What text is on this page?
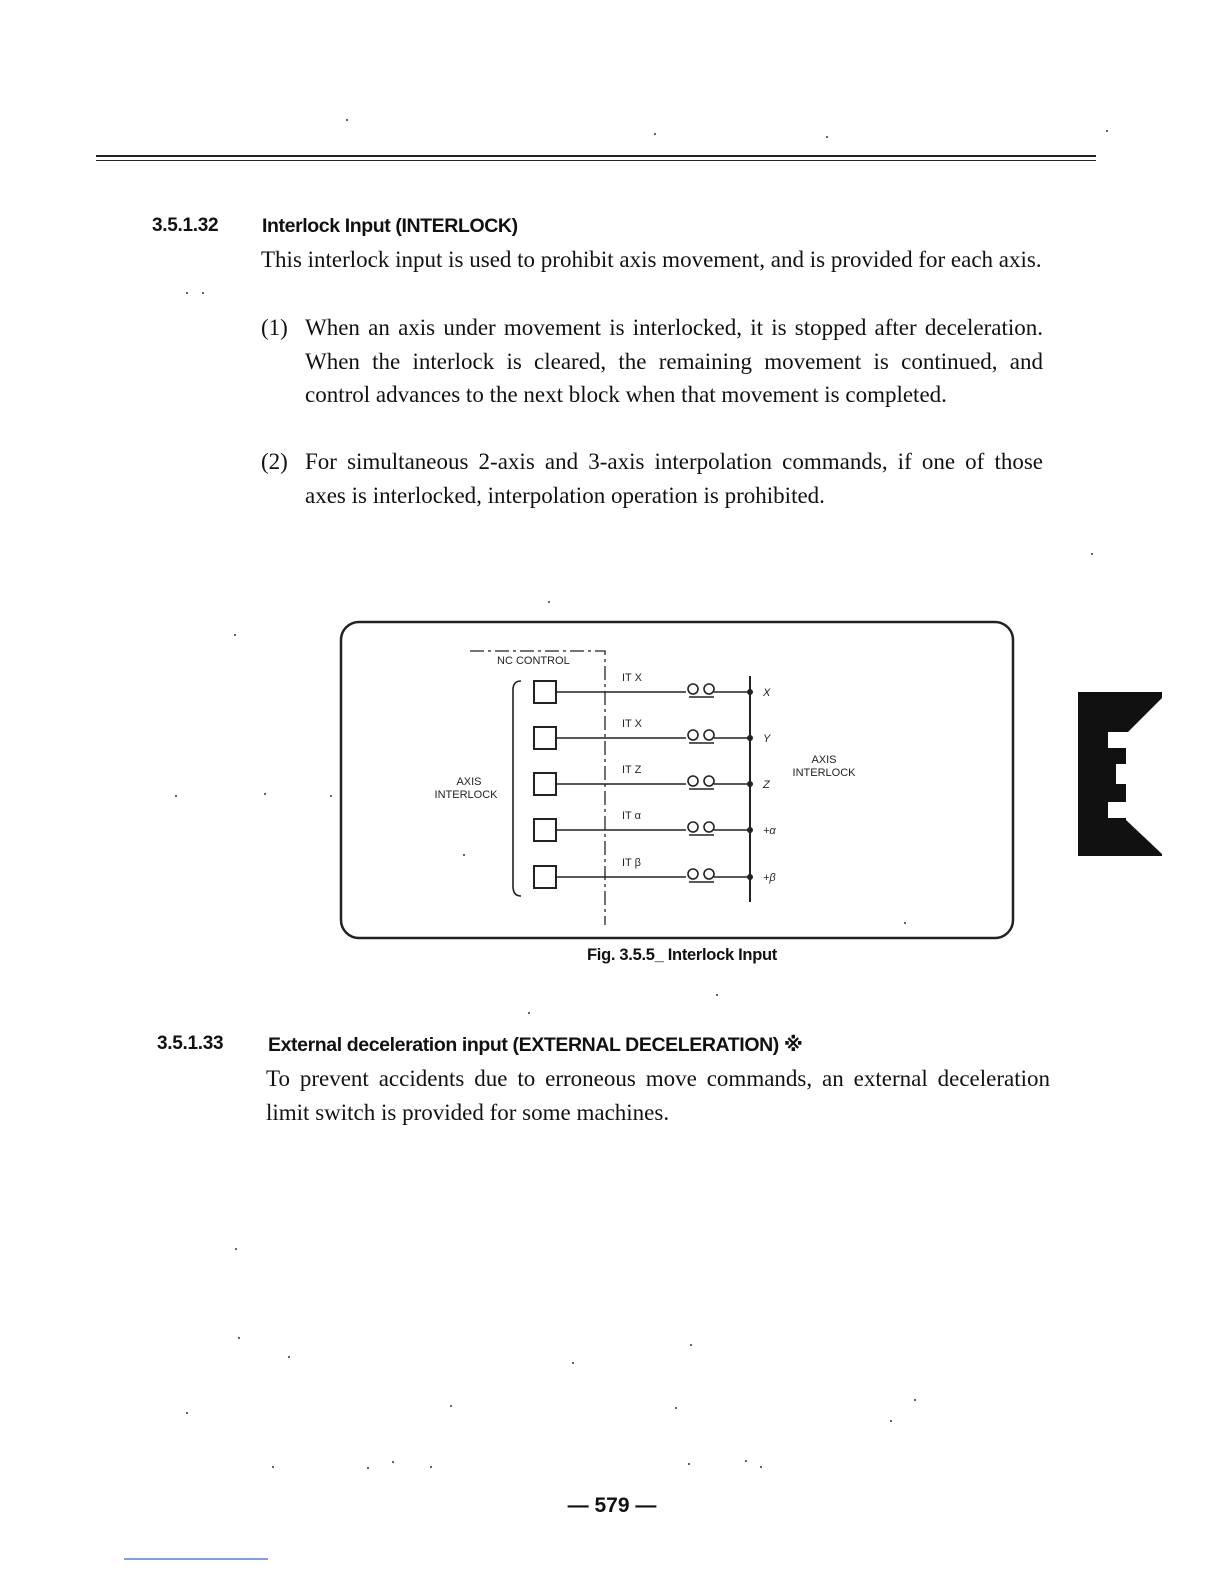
3.5.1.32 Interlock Input (INTERLOCK)
This interlock input is used to prohibit axis movement, and is provided for each axis.
(1) When an axis under movement is interlocked, it is stopped after deceleration. When the interlock is cleared, the remaining movement is continued, and control advances to the next block when that movement is completed.
(2) For simultaneous 2-axis and 3-axis interpolation commands, if one of those axes is interlocked, interpolation operation is prohibited.
NC CONTROL
AXIS
INTERLOCK
AXIS
INTERLOCK
IT X
X
IT X
Y
IT Z
Z
IT α
+α
IT β
+β
Fig. 3.5.5_ Interlock Input
3.5.1.33 External deceleration input (EXTERNAL DECELERATION) ※
To prevent accidents due to erroneous move commands, an external deceleration limit switch is provided for some machines.
3
— 579 —
